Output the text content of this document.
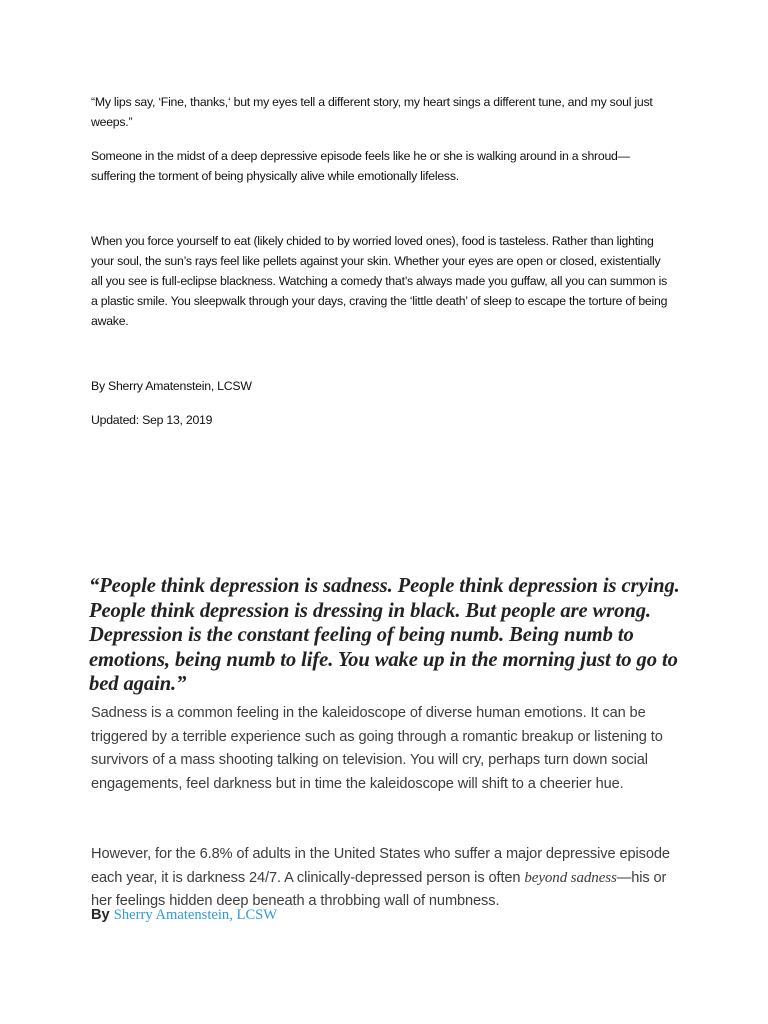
“My lips say, ‘Fine, thanks,‘ but my eyes tell a different story, my heart sings a different tune, and my soul just weeps.”

Someone in the midst of a deep depressive episode feels like he or she is walking around in a shroud—suffering the torment of being physically alive while emotionally lifeless.

When you force yourself to eat (likely chided to by worried loved ones), food is tasteless. Rather than lighting your soul, the sun’s rays feel like pellets against your skin. Whether your eyes are open or closed, existentially all you see is full-eclipse blackness. Watching a comedy that’s always made you guffaw, all you can summon is a plastic smile. You sleepwalk through your days, craving the ‘little death’ of sleep to escape the torture of being awake.

By Sherry Amatenstein, LCSW

Updated: Sep 13, 2019

“People think depression is sadness. People think depression is crying. People think depression is dressing in black. But people are wrong. Depression is the constant feeling of being numb. Being numb to emotions, being numb to life. You wake up in the morning just to go to bed again.”

Sadness is a common feeling in the kaleidoscope of diverse human emotions. It can be triggered by a terrible experience such as going through a romantic breakup or listening to survivors of a mass shooting talking on television. You will cry, perhaps turn down social engagements, feel darkness but in time the kaleidoscope will shift to a cheerier hue.

However, for the 6.8% of adults in the United States who suffer a major depressive episode each year, it is darkness 24/7. A clinically-depressed person is often beyond sadness—his or her feelings hidden deep beneath a throbbing wall of numbness.

By Sherry Amatenstein, LCSW
